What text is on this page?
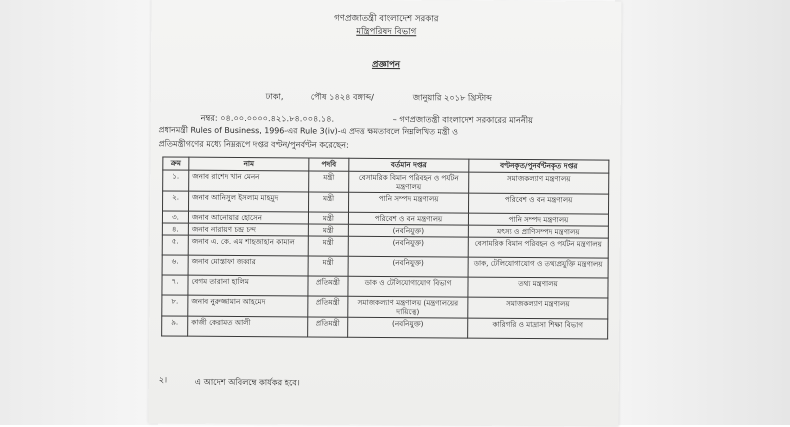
গণপ্রজাতন্ত্রী বাংলাদেশ সরকার
মন্ত্রিপরিষদ বিভাগ
প্রজ্ঞাপন
ঢাকা,	পৌষ ১৪২৪ বঙ্গাব্দ/	জানুয়ারি ২০১৮ খ্রিস্টাব্দ
নম্বর: ০৪.০০.০০০০.৪২১.৮৪.০০৪.১৪.	– গণপ্রজাতন্ত্রী বাংলাদেশ সরকারের মাননীয়
প্রধানমন্ত্রী Rules of Business, 1996-এর Rule 3(iv)-এ প্রদত্ত ক্ষমতাবলে নিম্নলিখিত মন্ত্রী ও
প্রতিমন্ত্রীগণের মধ্যে নিম্নরূপে দপ্তর বণ্টন/পুনর্বণ্টন করেছেন:
ক্রম	নাম	পদবি	বর্তমান দপ্তর	বণ্টনকৃত/পুনর্বণ্টনকৃত দপ্তর
১.	জনাব রাশেদ খান মেনন	মন্ত্রী	বেসামরিক বিমান পরিবহন ও পর্যটন মন্ত্রণালয়	সমাজকল্যাণ মন্ত্রণালয়
২.	জনাব আনিসুল ইসলাম মাহমুদ	মন্ত্রী	পানি সম্পদ মন্ত্রণালয়	পরিবেশ ও বন মন্ত্রণালয়
৩.	জনাব আনোয়ার হোসেন	মন্ত্রী	পরিবেশ ও বন মন্ত্রণালয়	পানি সম্পদ মন্ত্রণালয়
৪.	জনাব নারায়ণ চন্দ্র চন্দ	মন্ত্রী	(নবনিযুক্ত)	মৎস্য ও প্রাণিসম্পদ মন্ত্রণালয়
৫.	জনাব এ. কে. এম শাহজাহান কামাল	মন্ত্রী	(নবনিযুক্ত)	বেসামরিক বিমান পরিবহন ও পর্যটন মন্ত্রণালয়
৬.	জনাব মোস্তাফা জব্বার	মন্ত্রী	(নবনিযুক্ত)	ডাক, টেলিযোগাযোগ ও তথ্যপ্রযুক্তি মন্ত্রণালয়
৭.	বেগম তারানা হালিম	প্রতিমন্ত্রী	ডাক ও টেলিযোগাযোগ বিভাগ	তথ্য মন্ত্রণালয়
৮.	জনাব নুরুজ্জামান আহমেদ	প্রতিমন্ত্রী	সমাজকল্যাণ মন্ত্রণালয় (মন্ত্রণালয়ের দায়িত্বে)	সমাজকল্যাণ মন্ত্রণালয়
৯.	কাজী কেরামত আলী	প্রতিমন্ত্রী	(নবনিযুক্ত)	কারিগরি ও মাদ্রাসা শিক্ষা বিভাগ
২।	এ আদেশ অবিলম্বে কার্যকর হবে।
